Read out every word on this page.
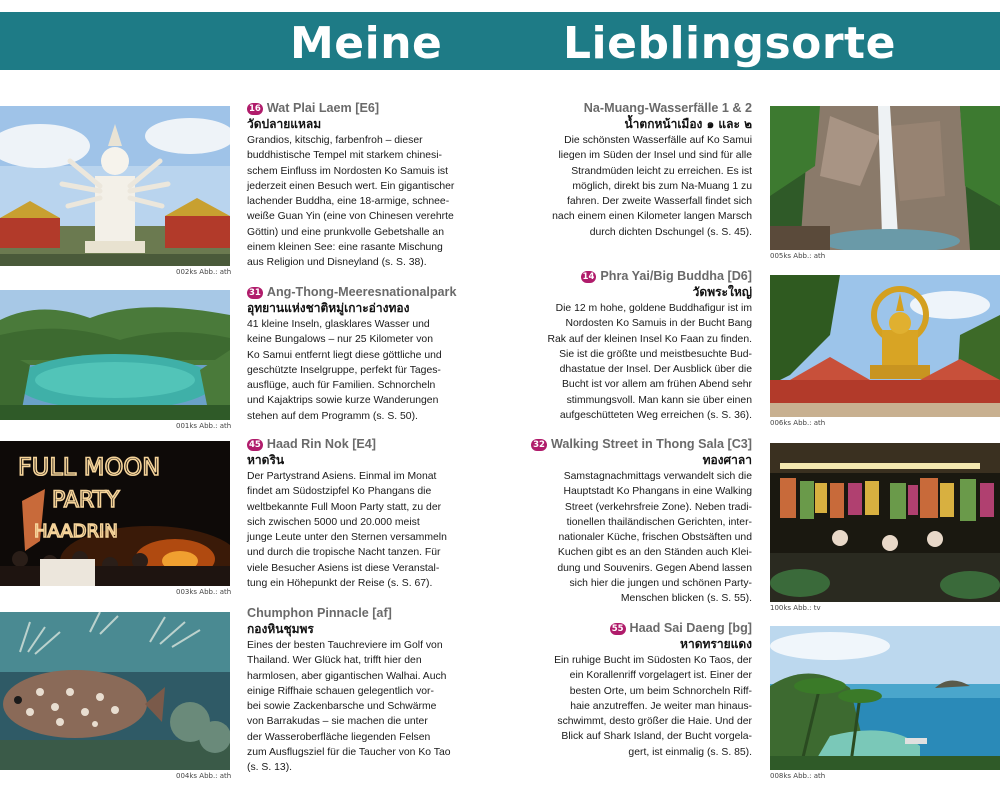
Meine	Lieblingsorte
002ks Abb.: ath
001ks Abb.: ath
FULL MOON
PARTY
HAADRIN
003ks Abb.: ath
004ks Abb.: ath
005ks Abb.: ath
006ks Abb.: ath
100ks Abb.: tv
008ks Abb.: ath
16 Wat Plai Laem [E6]
วัดปลายแหลม
Grandios, kitschig, farbenfroh – dieser
buddhistische Tempel mit starkem chinesi-
schem Einfluss im Nordosten Ko Samuis ist
jederzeit einen Besuch wert. Ein gigantischer
lachender Buddha, eine 18-armige, schnee-
weiße Guan Yin (eine von Chinesen verehrte
Göttin) und eine prunkvolle Gebetshalle an
einem kleinen See: eine rasante Mischung
aus Religion und Disneyland (s. S. 38).
31 Ang-Thong-Meeresnationalpark
อุทยานแห่งชาติหมู่เกาะอ่างทอง
41 kleine Inseln, glasklares Wasser und
keine Bungalows – nur 25 Kilometer von
Ko Samui entfernt liegt diese göttliche und
geschützte Inselgruppe, perfekt für Tages-
ausflüge, auch für Familien. Schnorcheln
und Kajaktrips sowie kurze Wanderungen
stehen auf dem Programm (s. S. 50).
45 Haad Rin Nok [E4]
หาดริน
Der Partystrand Asiens. Einmal im Monat
findet am Südostzipfel Ko Phangans die
weltbekannte Full Moon Party statt, zu der
sich zwischen 5000 und 20.000 meist
junge Leute unter den Sternen versammeln
und durch die tropische Nacht tanzen. Für
viele Besucher Asiens ist diese Veranstal-
tung ein Höhepunkt der Reise (s. S. 67).
Chumphon Pinnacle [af]
กองหินชุมพร
Eines der besten Tauchreviere im Golf von
Thailand. Wer Glück hat, trifft hier den
harmlosen, aber gigantischen Walhai. Auch
einige Riffhaie schauen gelegentlich vor-
bei sowie Zackenbarsche und Schwärme
von Barrakudas – sie machen die unter
der Wasseroberfläche liegenden Felsen
zum Ausflugsziel für die Taucher von Ko Tao
(s. S. 13).
Na-Muang-Wasserfälle 1 & 2
น้ำตกหน้าเมือง ๑ และ ๒
Die schönsten Wasserfälle auf Ko Samui
liegen im Süden der Insel und sind für alle
Strandmüden leicht zu erreichen. Es ist
möglich, direkt bis zum Na-Muang 1 zu
fahren. Der zweite Wasserfall findet sich
nach einem einen Kilometer langen Marsch
durch dichten Dschungel (s. S. 45).
14 Phra Yai/Big Buddha [D6]
วัดพระใหญ่
Die 12 m hohe, goldene Buddhafigur ist im
Nordosten Ko Samuis in der Bucht Bang
Rak auf der kleinen Insel Ko Faan zu finden.
Sie ist die größte und meistbesuchte Bud-
dhastatue der Insel. Der Ausblick über die
Bucht ist vor allem am frühen Abend sehr
stimmungsvoll. Man kann sie über einen
aufgeschütteten Weg erreichen (s. S. 36).
32 Walking Street in Thong Sala [C3]
ทองศาลา
Samstagnachmittags verwandelt sich die
Hauptstadt Ko Phangans in eine Walking
Street (verkehrsfreie Zone). Neben tradi-
tionellen thailändischen Gerichten, inter-
nationaler Küche, frischen Obstsäften und
Kuchen gibt es an den Ständen auch Klei-
dung und Souvenirs. Gegen Abend lassen
sich hier die jungen und schönen Party-
Menschen blicken (s. S. 55).
55 Haad Sai Daeng [bg]
หาดทรายแดง
Ein ruhige Bucht im Südosten Ko Taos, der
ein Korallenriff vorgelagert ist. Einer der
besten Orte, um beim Schnorcheln Riff-
haie anzutreffen. Je weiter man hinaus-
schwimmt, desto größer die Haie. Und der
Blick auf Shark Island, der Bucht vorgela-
gert, ist einmalig (s. S. 85).
